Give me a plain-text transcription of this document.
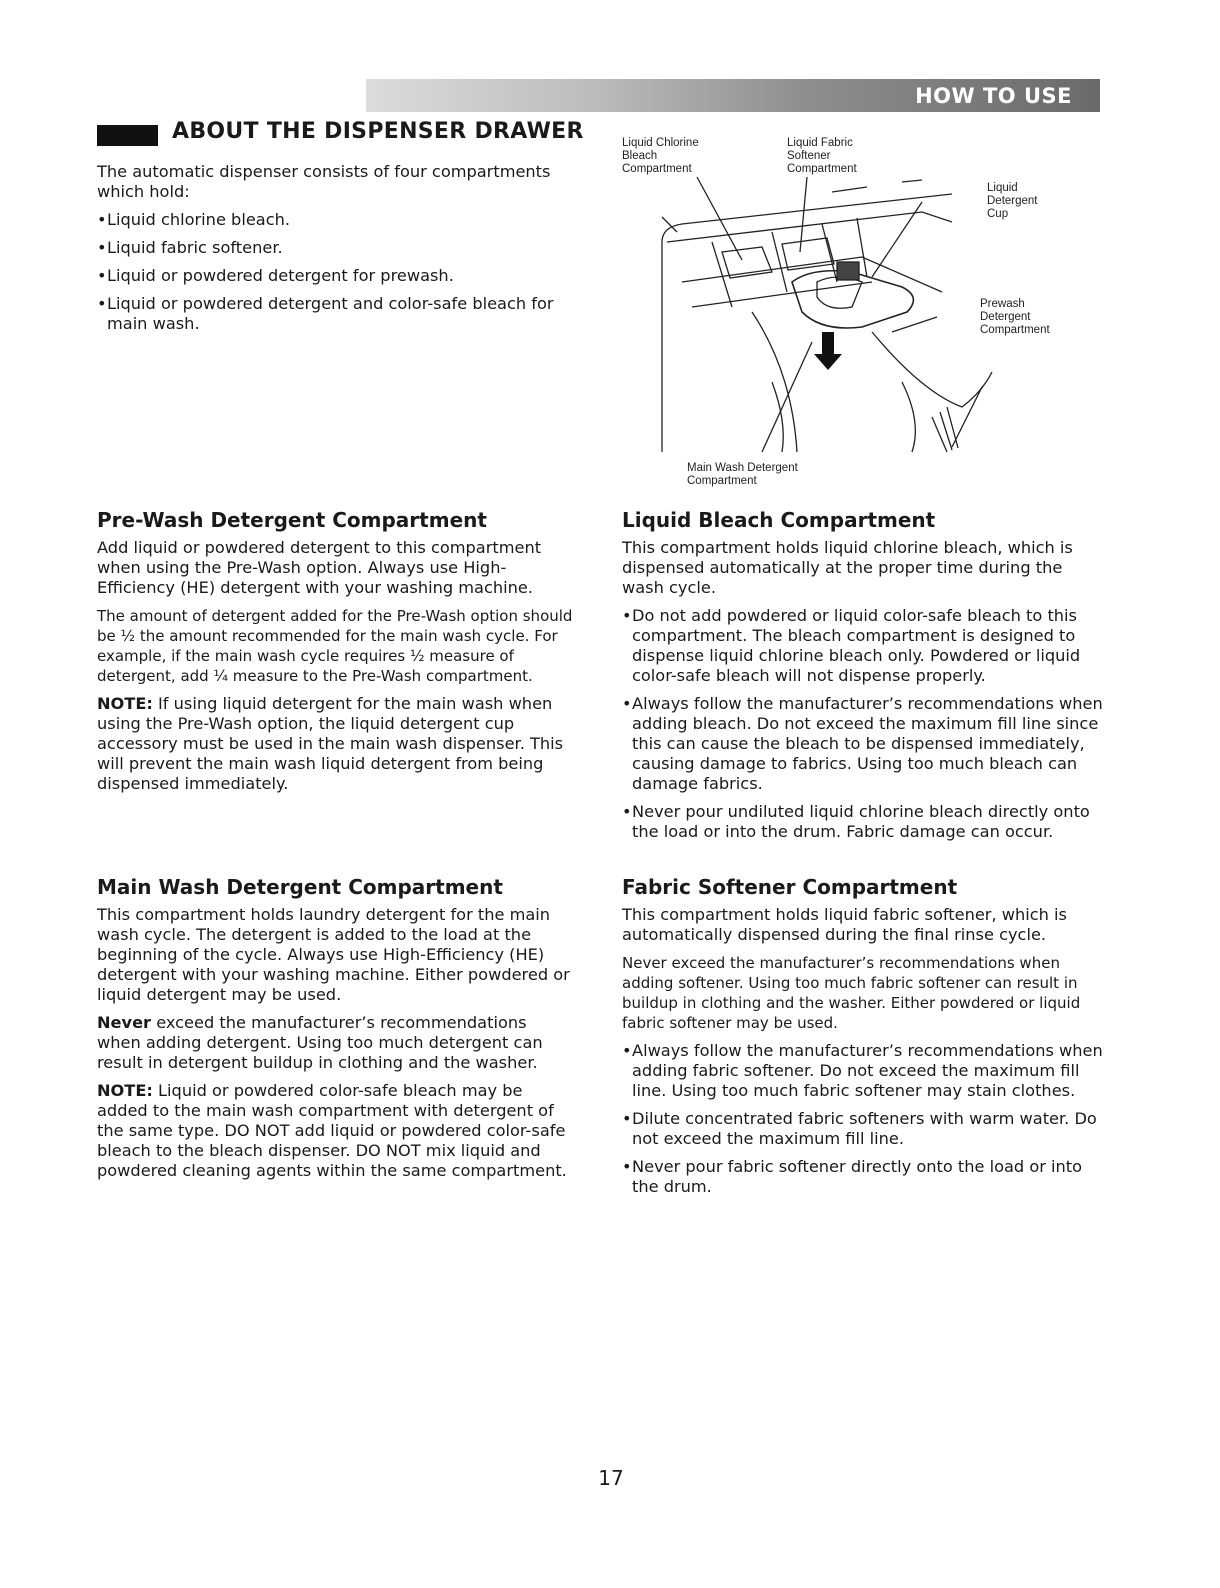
HOW TO USE
ABOUT THE DISPENSER DRAWER

The automatic dispenser consists of four compartments which hold:

• Liquid chlorine bleach.
• Liquid fabric softener.
• Liquid or powdered detergent for prewash.
• Liquid or powdered detergent and color-safe bleach for main wash.
Liquid Chlorine
Bleach
Compartment
Liquid Fabric
Softener
Compartment
Liquid
Detergent
Cup
Prewash
Detergent
Compartment
Main Wash Detergent
Compartment
Pre-Wash Detergent Compartment

Add liquid or powdered detergent to this compartment when using the Pre-Wash option. Always use High-Efficiency (HE) detergent with your washing machine.

The amount of detergent added for the Pre-Wash option should be ½ the amount recommended for the main wash cycle. For example, if the main wash cycle requires ½ measure of detergent, add ¼ measure to the Pre-Wash compartment.

NOTE: If using liquid detergent for the main wash when using the Pre-Wash option, the liquid detergent cup accessory must be used in the main wash dispenser. This will prevent the main wash liquid detergent from being dispensed immediately.

Main Wash Detergent Compartment

This compartment holds laundry detergent for the main wash cycle. The detergent is added to the load at the beginning of the cycle. Always use High-Efficiency (HE) detergent with your washing machine. Either powdered or liquid detergent may be used.

Never exceed the manufacturer’s recommendations when adding detergent. Using too much detergent can result in detergent buildup in clothing and the washer.

NOTE: Liquid or powdered color-safe bleach may be added to the main wash compartment with detergent of the same type. DO NOT add liquid or powdered color-safe bleach to the bleach dispenser. DO NOT mix liquid and powdered cleaning agents within the same compartment.

Liquid Bleach Compartment

This compartment holds liquid chlorine bleach, which is dispensed automatically at the proper time during the wash cycle.

• Do not add powdered or liquid color-safe bleach to this compartment. The bleach compartment is designed to dispense liquid chlorine bleach only. Powdered or liquid color-safe bleach will not dispense properly.
• Always follow the manufacturer’s recommendations when adding bleach. Do not exceed the maximum fill line since this can cause the bleach to be dispensed immediately, causing damage to fabrics. Using too much bleach can damage fabrics.
• Never pour undiluted liquid chlorine bleach directly onto the load or into the drum. Fabric damage can occur.
Fabric Softener Compartment

This compartment holds liquid fabric softener, which is automatically dispensed during the final rinse cycle.

Never exceed the manufacturer’s recommendations when adding softener. Using too much fabric softener can result in buildup in clothing and the washer. Either powdered or liquid fabric softener may be used.

• Always follow the manufacturer’s recommendations when adding fabric softener. Do not exceed the maximum fill line. Using too much fabric softener may stain clothes.
• Dilute concentrated fabric softeners with warm water. Do not exceed the maximum fill line.
• Never pour fabric softener directly onto the load or into the drum.
17
